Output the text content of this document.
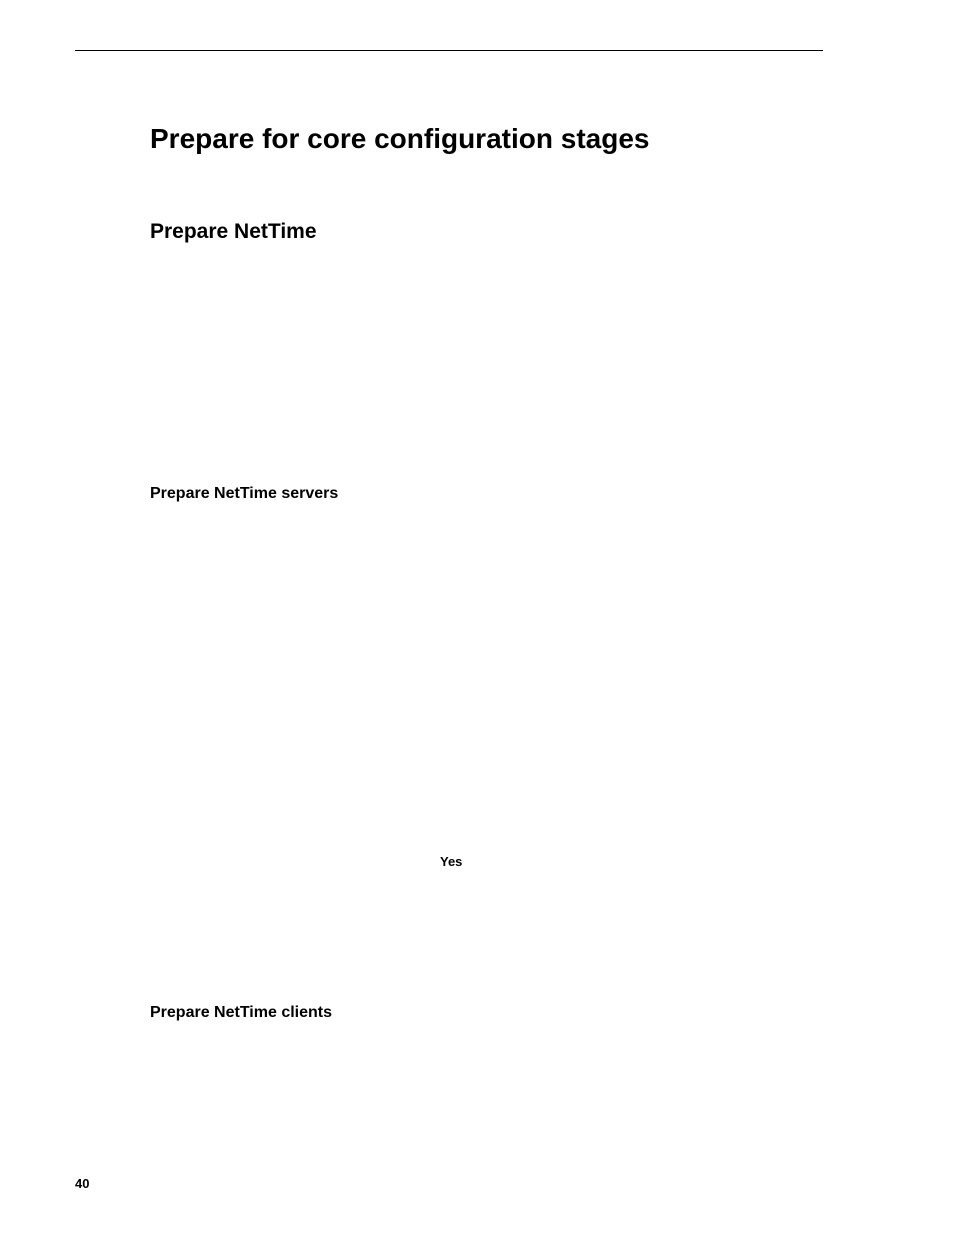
Prepare for core configuration stages
Prepare NetTime
Prepare NetTime servers
Yes
Prepare NetTime clients
40
